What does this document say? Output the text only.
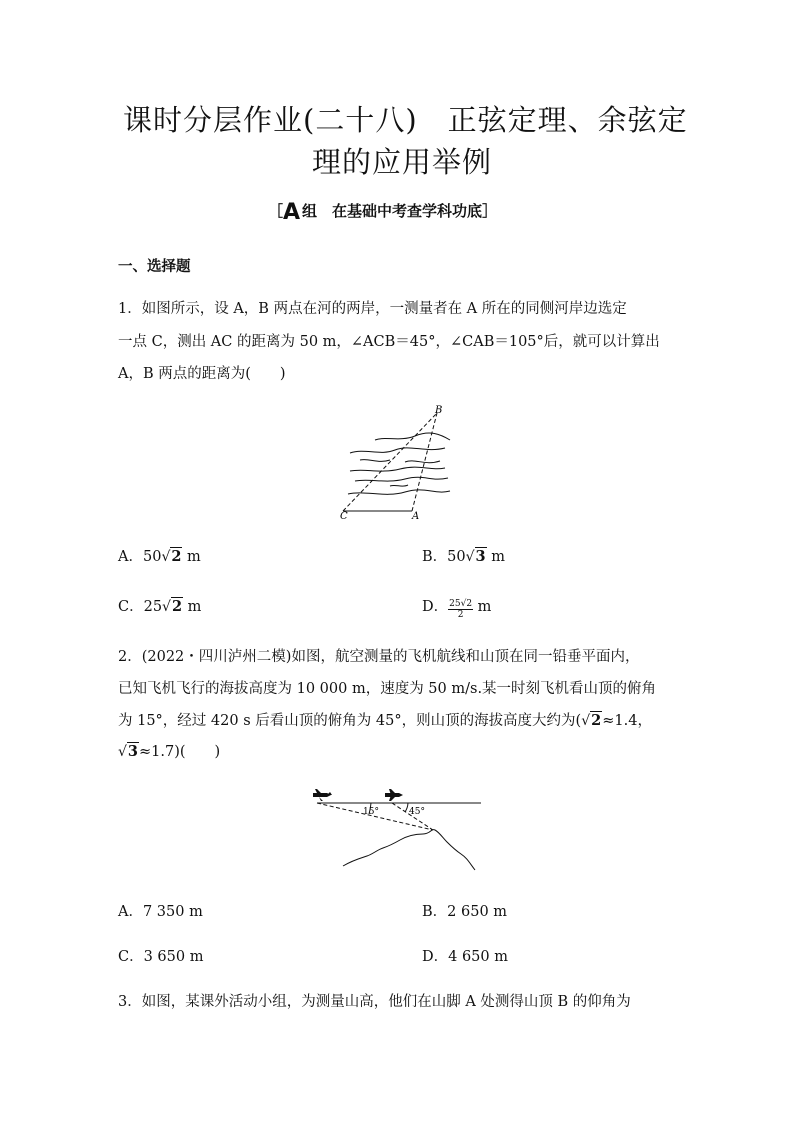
课时分层作业(二十八)　正弦定理、余弦定
理的应用举例
［A 组　在基础中考查学科功底］
一、选择题
1．如图所示，设 A，B 两点在河的两岸，一测量者在 A 所在的同侧河岸边选定
一点 C，测出 AC 的距离为 50 m，∠ACB＝45°，∠CAB＝105°后，就可以计算出
A，B 两点的距离为(　　)
B
C	A
A．50√2 m	B．50√3 m
C．25√2 m	D． $\frac{25√2}{2}$ m
2．(2022・四川泸州二模)如图，航空测量的飞机航线和山顶在同一铅垂平面内，
已知飞机飞行的海拔高度为 10 000 m，速度为 50 m/s.某一时刻飞机看山顶的俯角
为 15°，经过 420 s 后看山顶的俯角为 45°，则山顶的海拔高度大约为(√2≈1.4，
√3≈1.7)(　　)
15°	45°
A．7 350 m	B．2 650 m
C．3 650 m	D．4 650 m
3．如图，某课外活动小组，为测量山高，他们在山脚 A 处测得山顶 B 的仰角为
